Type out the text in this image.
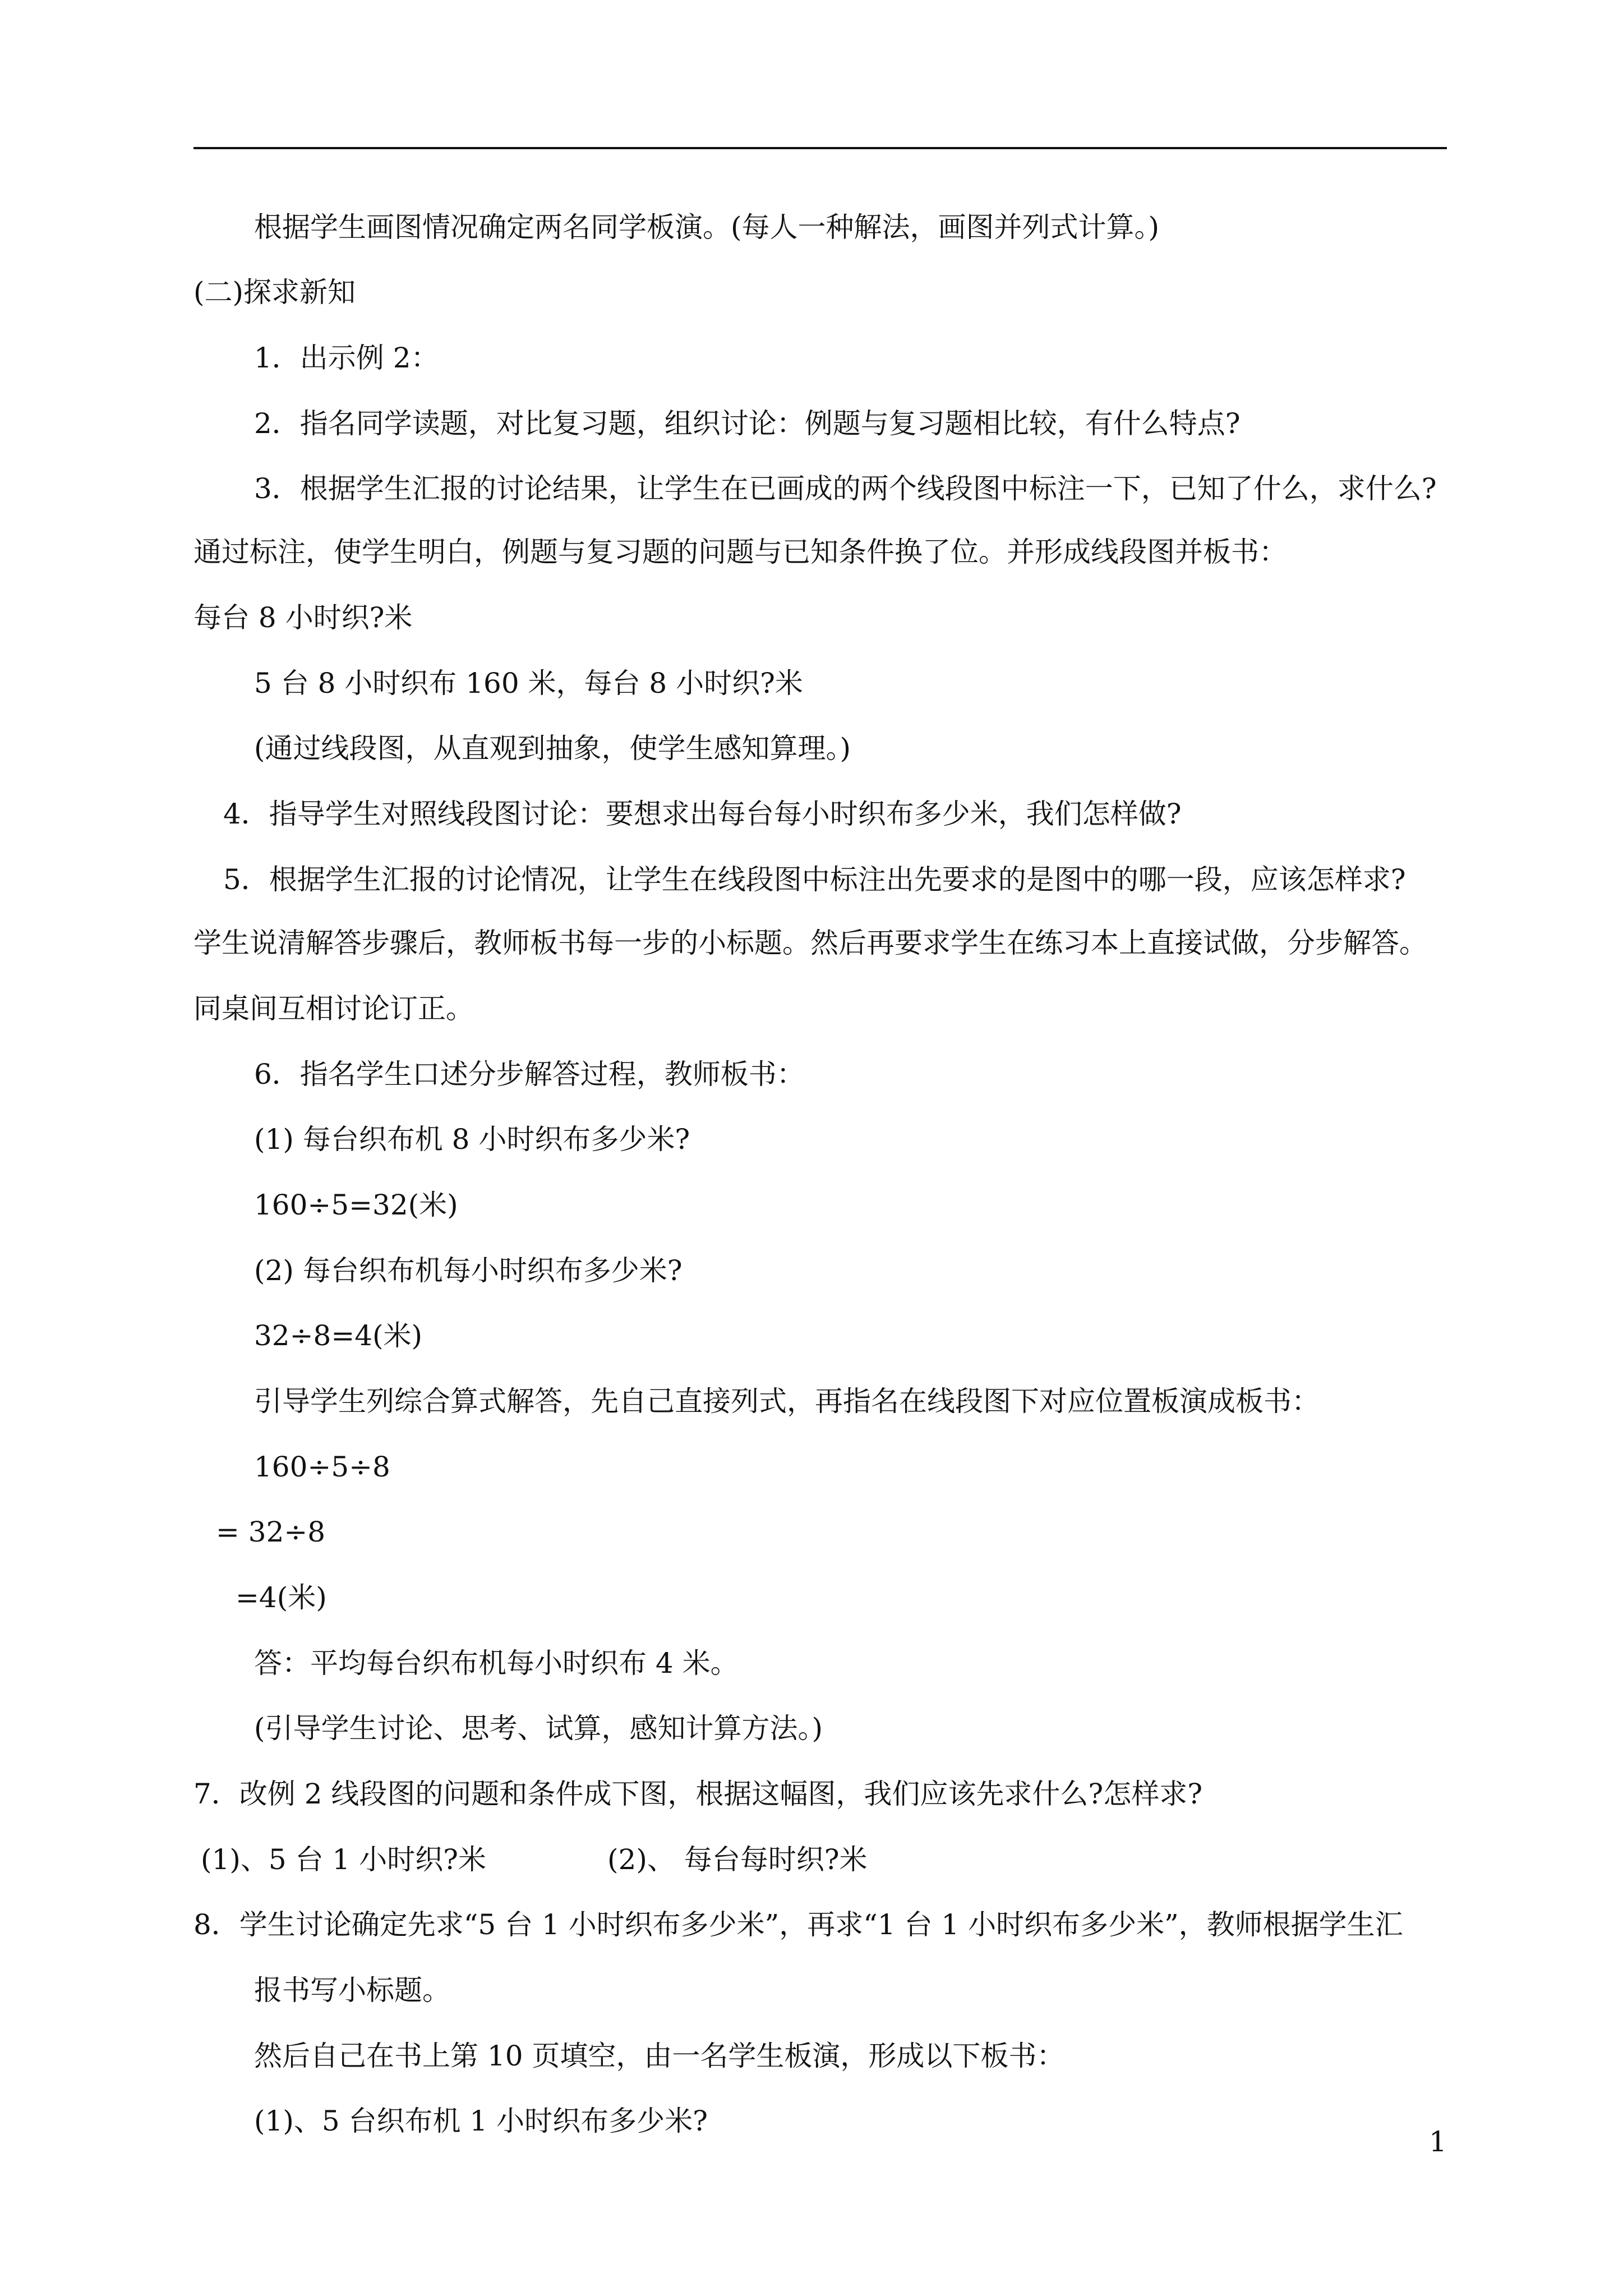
根据学生画图情况确定两名同学板演。(每人一种解法，画图并列式计算。)
(二)探求新知
1．出示例 2：
2．指名同学读题，对比复习题，组织讨论：例题与复习题相比较，有什么特点?
3．根据学生汇报的讨论结果，让学生在已画成的两个线段图中标注一下，已知了什么，求什么?
通过标注，使学生明白，例题与复习题的问题与已知条件换了位。并形成线段图并板书：
每台 8 小时织?米
5 台 8 小时织布 160 米，每台 8 小时织?米
(通过线段图，从直观到抽象，使学生感知算理。)
4．指导学生对照线段图讨论：要想求出每台每小时织布多少米，我们怎样做?
5．根据学生汇报的讨论情况，让学生在线段图中标注出先要求的是图中的哪一段，应该怎样求?
学生说清解答步骤后，教师板书每一步的小标题。然后再要求学生在练习本上直接试做，分步解答。
同桌间互相讨论订正。
6．指名学生口述分步解答过程，教师板书：
(1) 每台织布机 8 小时织布多少米?
160÷5=32(米)
(2) 每台织布机每小时织布多少米?
32÷8=4(米)
引导学生列综合算式解答，先自己直接列式，再指名在线段图下对应位置板演成板书：
160÷5÷8
= 32÷8
=4(米)
答：平均每台织布机每小时织布 4 米。
(引导学生讨论、思考、试算，感知计算方法。)
7．改例 2 线段图的问题和条件成下图，根据这幅图，我们应该先求什么?怎样求?
(1)、5 台 1 小时织?米	(2)、 每台每时织?米
8．学生讨论确定先求“5 台 1 小时织布多少米”，再求“1 台 1 小时织布多少米”，教师根据学生汇
报书写小标题。
然后自己在书上第 10 页填空，由一名学生板演，形成以下板书：
(1)、5 台织布机 1 小时织布多少米?
1
